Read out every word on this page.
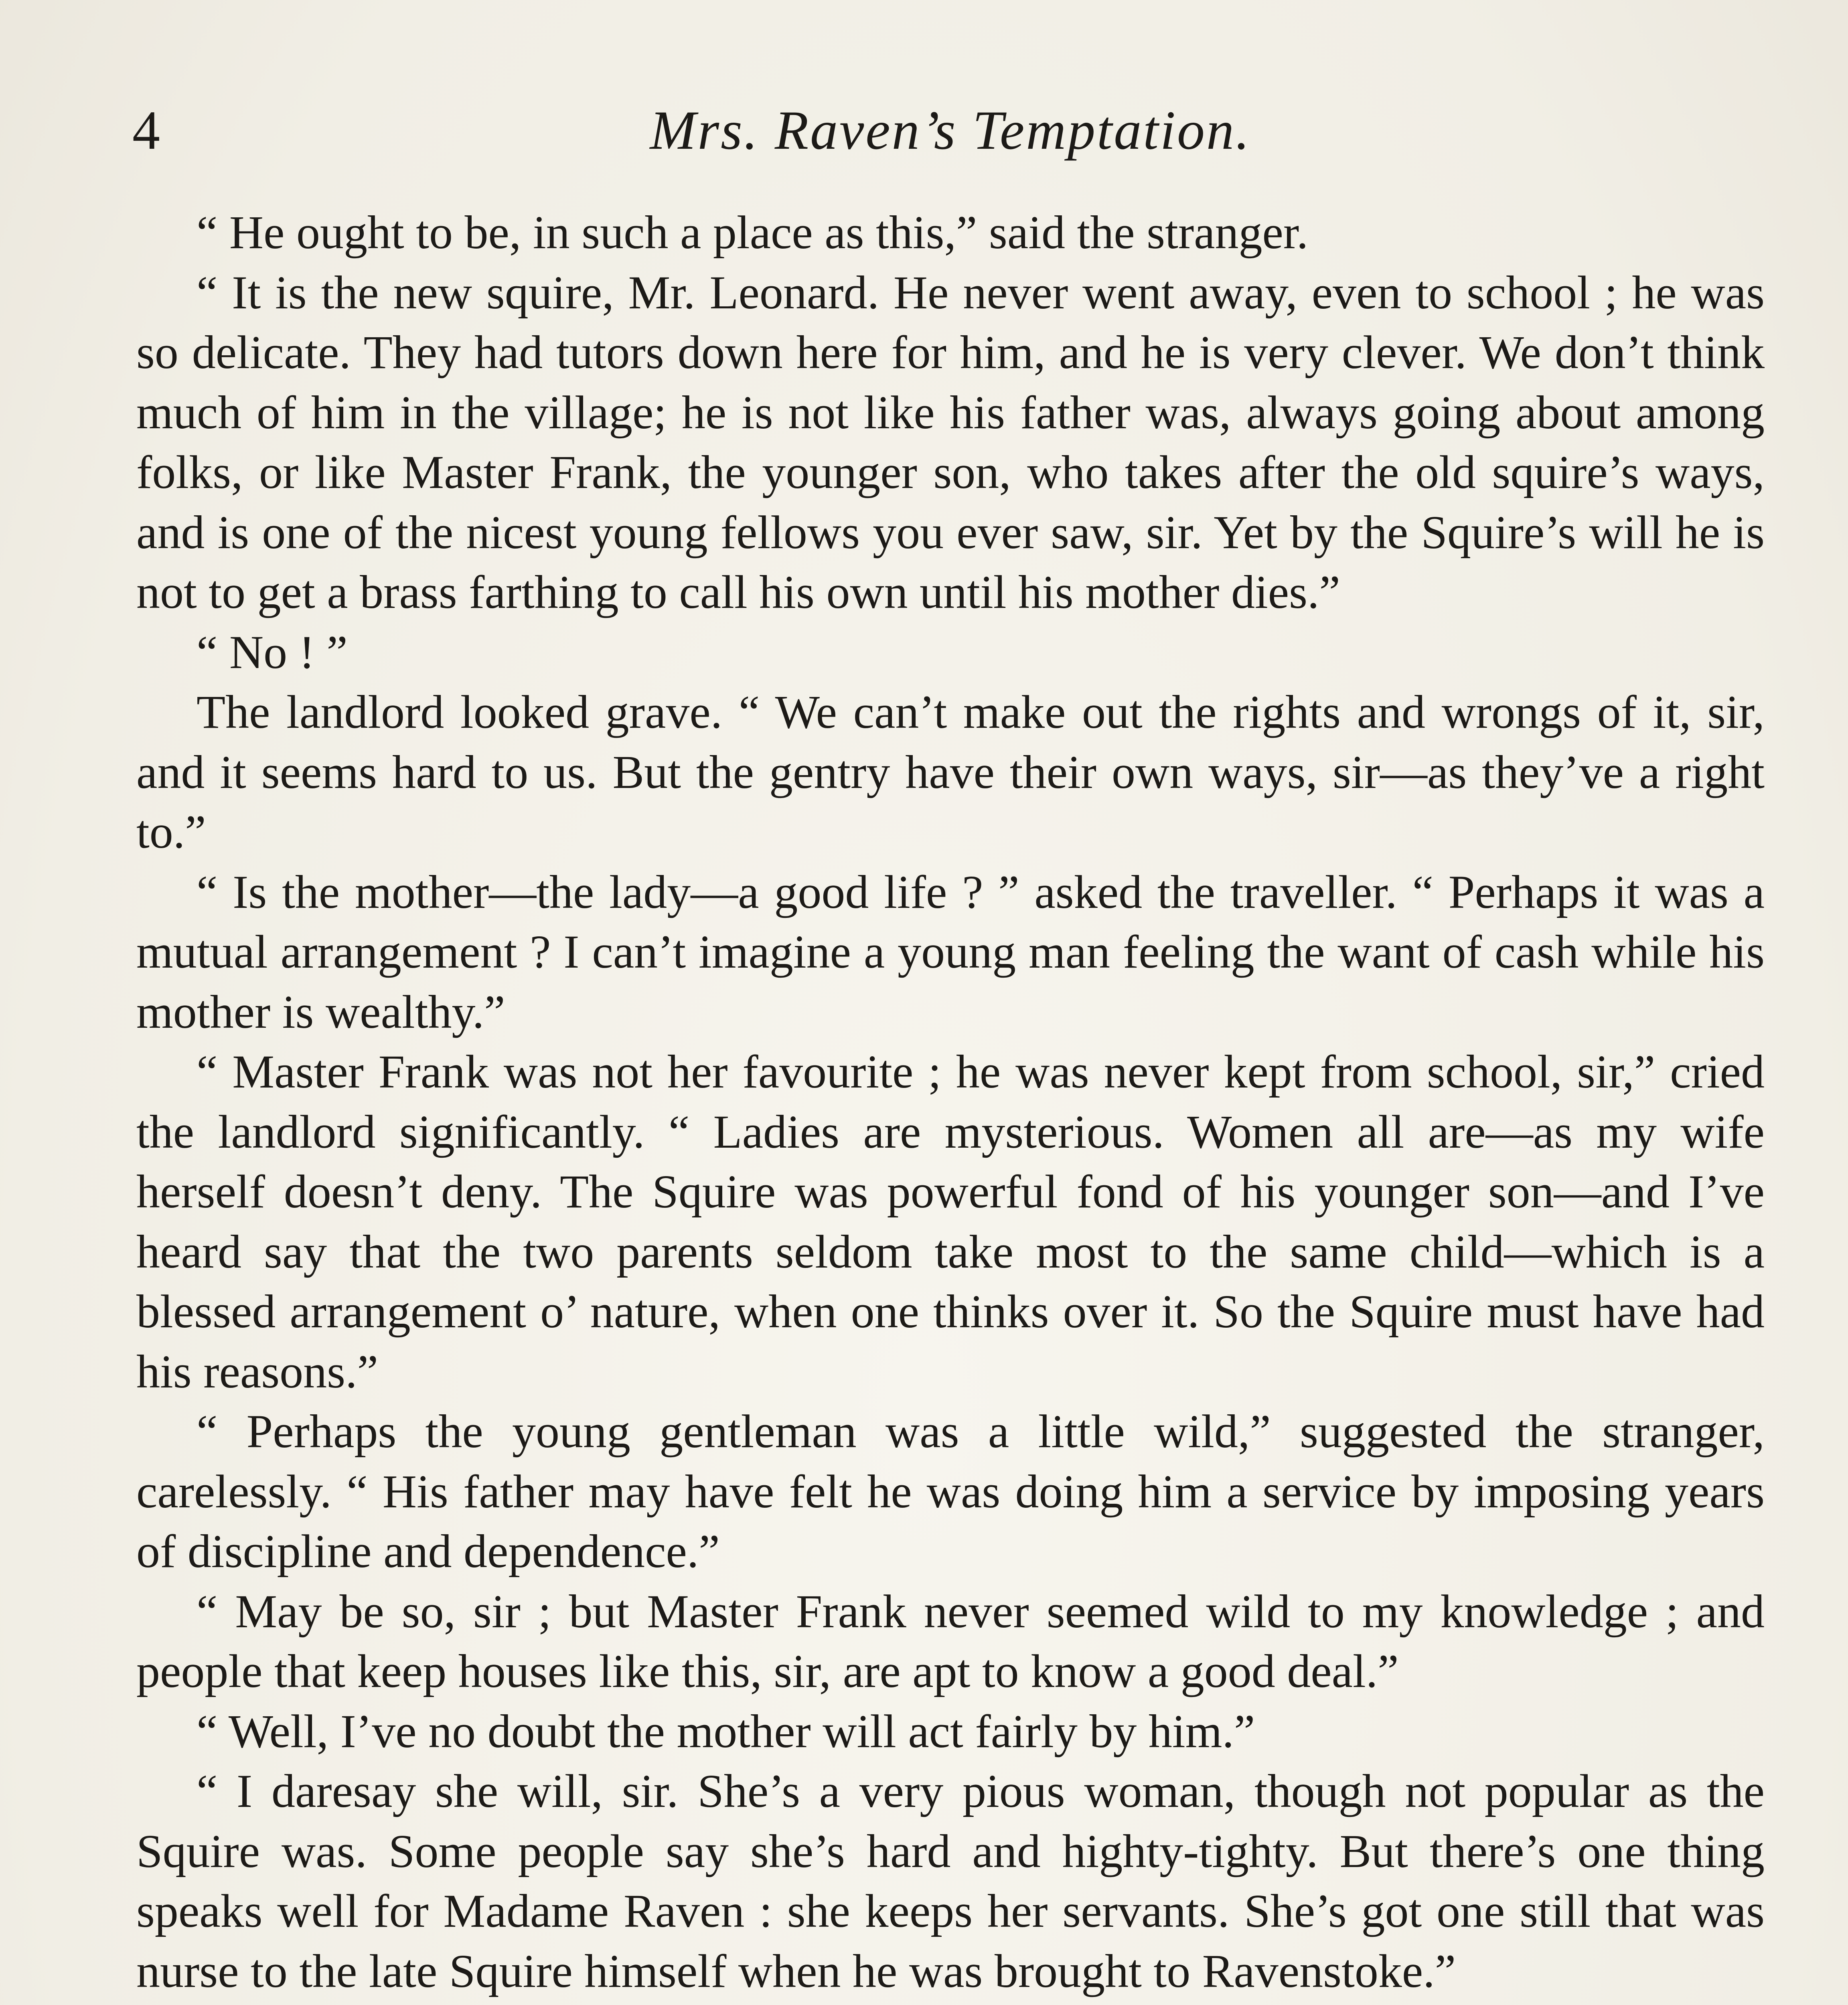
4	Mrs. Raven’s Temptation.

“ He ought to be, in such a place as this,” said the stranger.

“ It is the new squire, Mr. Leonard. He never went away, even to school ; he was so delicate. They had tutors down here for him, and he is very clever. We don’t think much of him in the village; he is not like his father was, always going about among folks, or like Master Frank, the younger son, who takes after the old squire’s ways, and is one of the nicest young fellows you ever saw, sir. Yet by the Squire’s will he is not to get a brass farthing to call his own until his mother dies.”

“ No ! ”

The landlord looked grave. “ We can’t make out the rights and wrongs of it, sir, and it seems hard to us. But the gentry have their own ways, sir—as they’ve a right to.”

“ Is the mother—the lady—a good life ? ” asked the traveller. “ Perhaps it was a mutual arrangement ? I can’t imagine a young man feeling the want of cash while his mother is wealthy.”

“ Master Frank was not her favourite ; he was never kept from school, sir,” cried the landlord significantly. “ Ladies are mysterious. Women all are—as my wife herself doesn’t deny. The Squire was powerful fond of his younger son—and I’ve heard say that the two parents seldom take most to the same child—which is a blessed arrangement o’ nature, when one thinks over it. So the Squire must have had his reasons.”

“ Perhaps the young gentleman was a little wild,” suggested the stranger, carelessly. “ His father may have felt he was doing him a service by imposing years of discipline and dependence.”

“ May be so, sir ; but Master Frank never seemed wild to my knowledge ; and people that keep houses like this, sir, are apt to know a good deal.”

“ Well, I’ve no doubt the mother will act fairly by him.”

“ I daresay she will, sir. She’s a very pious woman, though not popular as the Squire was. Some people say she’s hard and highty-tighty. But there’s one thing speaks well for Madame Raven : she keeps her servants. She’s got one still that was nurse to the late Squire himself when he was brought to Ravenstoke.”
